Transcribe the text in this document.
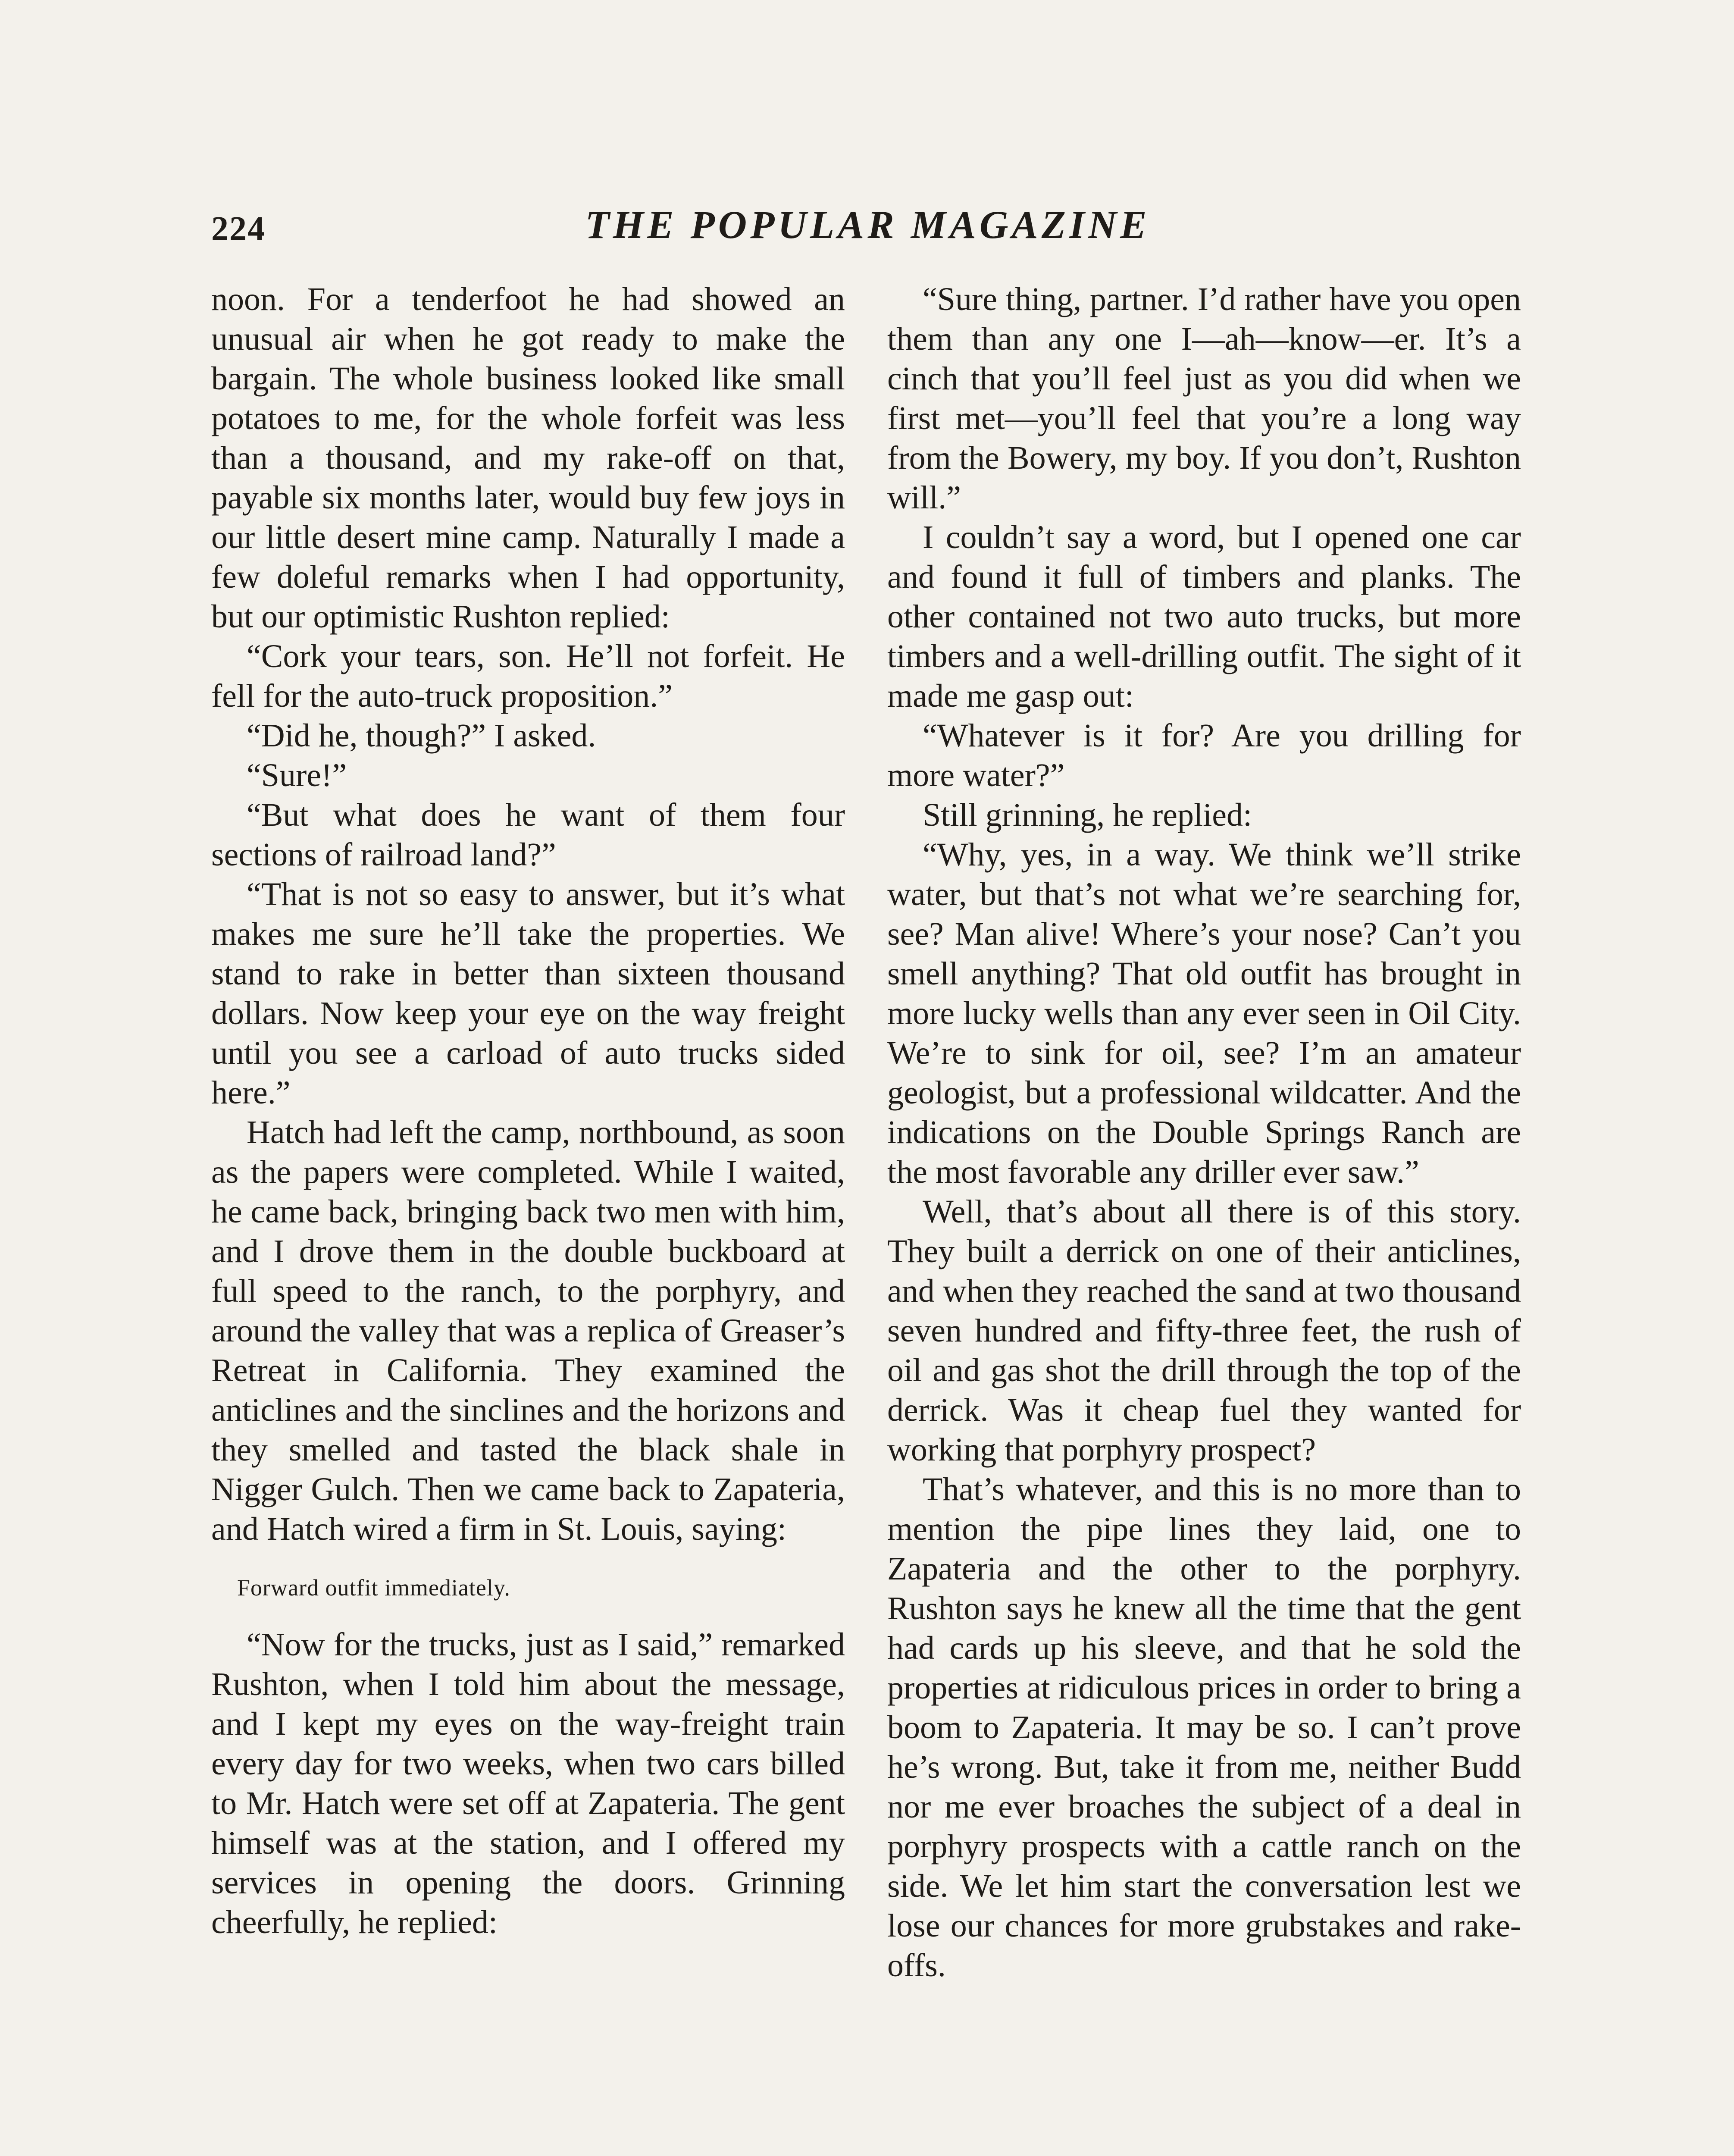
224	THE POPULAR MAGAZINE

noon. For a tenderfoot he had showed an unusual air when he got ready to make the bargain. The whole business looked like small potatoes to me, for the whole forfeit was less than a thousand, and my rake-off on that, payable six months later, would buy few joys in our little desert mine camp. Naturally I made a few doleful remarks when I had opportunity, but our optimistic Rushton replied:

“Cork your tears, son. He’ll not forfeit. He fell for the auto-truck proposition.”

“Did he, though?” I asked.

“Sure!”

“But what does he want of them four sections of railroad land?”

“That is not so easy to answer, but it’s what makes me sure he’ll take the properties. We stand to rake in better than sixteen thousand dollars. Now keep your eye on the way freight until you see a carload of auto trucks sided here.”

Hatch had left the camp, northbound, as soon as the papers were completed. While I waited, he came back, bringing back two men with him, and I drove them in the double buckboard at full speed to the ranch, to the porphyry, and around the valley that was a replica of Greaser’s Retreat in California. They examined the anticlines and the sinclines and the horizons and they smelled and tasted the black shale in Nigger Gulch. Then we came back to Zapateria, and Hatch wired a firm in St. Louis, saying:

Forward outfit immediately.

“Now for the trucks, just as I said,” remarked Rushton, when I told him about the message, and I kept my eyes on the way-freight train every day for two weeks, when two cars billed to Mr. Hatch were set off at Zapateria. The gent himself was at the station, and I offered my services in opening the doors. Grinning cheerfully, he replied:

“Sure thing, partner. I’d rather have you open them than any one I—ah—know—er. It’s a cinch that you’ll feel just as you did when we first met—you’ll feel that you’re a long way from the Bowery, my boy. If you don’t, Rushton will.”

I couldn’t say a word, but I opened one car and found it full of timbers and planks. The other contained not two auto trucks, but more timbers and a well-drilling outfit. The sight of it made me gasp out:

“Whatever is it for? Are you drilling for more water?”

Still grinning, he replied:

“Why, yes, in a way. We think we’ll strike water, but that’s not what we’re searching for, see? Man alive! Where’s your nose? Can’t you smell anything? That old outfit has brought in more lucky wells than any ever seen in Oil City. We’re to sink for oil, see? I’m an amateur geologist, but a professional wildcatter. And the indications on the Double Springs Ranch are the most favorable any driller ever saw.”

Well, that’s about all there is of this story. They built a derrick on one of their anticlines, and when they reached the sand at two thousand seven hundred and fifty-three feet, the rush of oil and gas shot the drill through the top of the derrick. Was it cheap fuel they wanted for working that porphyry prospect?

That’s whatever, and this is no more than to mention the pipe lines they laid, one to Zapateria and the other to the porphyry. Rushton says he knew all the time that the gent had cards up his sleeve, and that he sold the properties at ridiculous prices in order to bring a boom to Zapateria. It may be so. I can’t prove he’s wrong. But, take it from me, neither Budd nor me ever broaches the subject of a deal in porphyry prospects with a cattle ranch on the side. We let him start the conversation lest we lose our chances for more grubstakes and rake-offs.
